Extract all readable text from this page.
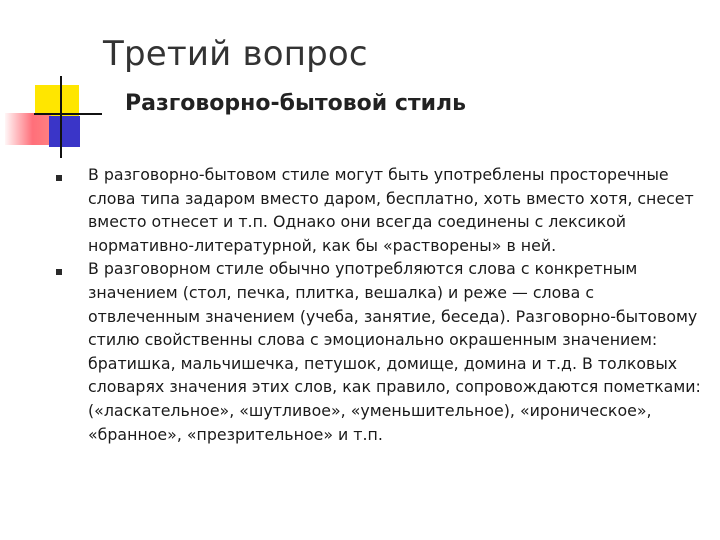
Третий вопрос
Разговорно-бытовой стиль
В разговорно-бытовом стиле могут быть употреблены просторечные слова типа задаром вместо даром, бесплатно, хоть вместо хотя, снесет вместо отнесет и т.п. Однако они всегда соединены с лексикой нормативно-литературной, как бы «растворены» в ней.
В разговорном стиле обычно употребляются слова с конкретным значением (стол, печка, плитка, вешалка) и реже — слова с отвлеченным значением (учеба, занятие, беседа). Разговорно-бытовому стилю свойственны слова с эмоционально окрашенным значением: братишка, мальчишечка, петушок, домище, домина и т.д. В толковых словарях значения этих слов, как правило, сопровождаются пометками: («ласкательное», «шутливое», «уменьшительное), «ироническое», «бранное», «презрительное» и т.п.
